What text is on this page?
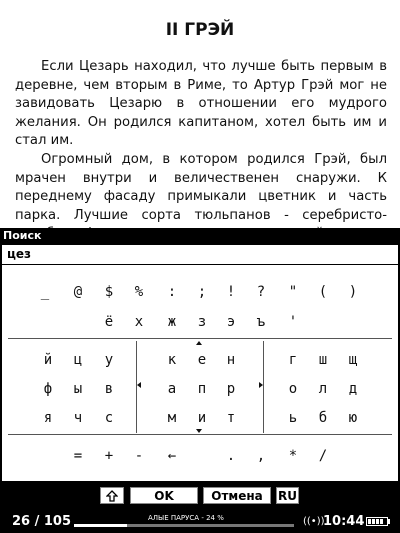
II ГРЭЙ

Если Цезарь находил, что лучше быть первым в деревне, чем вторым в Риме, то Артур Грэй мог не завидовать Цезарю в отношении его мудрого желания. Он родился капитаном, хотел быть им и стал им.

Огромный дом, в котором родился Грэй, был мрачен внутри и величественен снаружи. К переднему фасаду примыкали цветник и часть парка. Лучшие сорта тюльпанов - серебристо-

Поиск
цез
_	@	$	%	:	;	!	?	"	(	)
ё	х	ж	з	э	ъ	'
й	ц	у
ф	ы	в
я	ч	с
к	е	н
а	п	р
м	и	т
г	ш	щ
о	л	д
ь	б	ю
=	+	-	←	.	,	*	/
OK	Отмена	RU
26 / 105	АЛЫЕ ПАРУСА - 24 %	((•))
10:44
